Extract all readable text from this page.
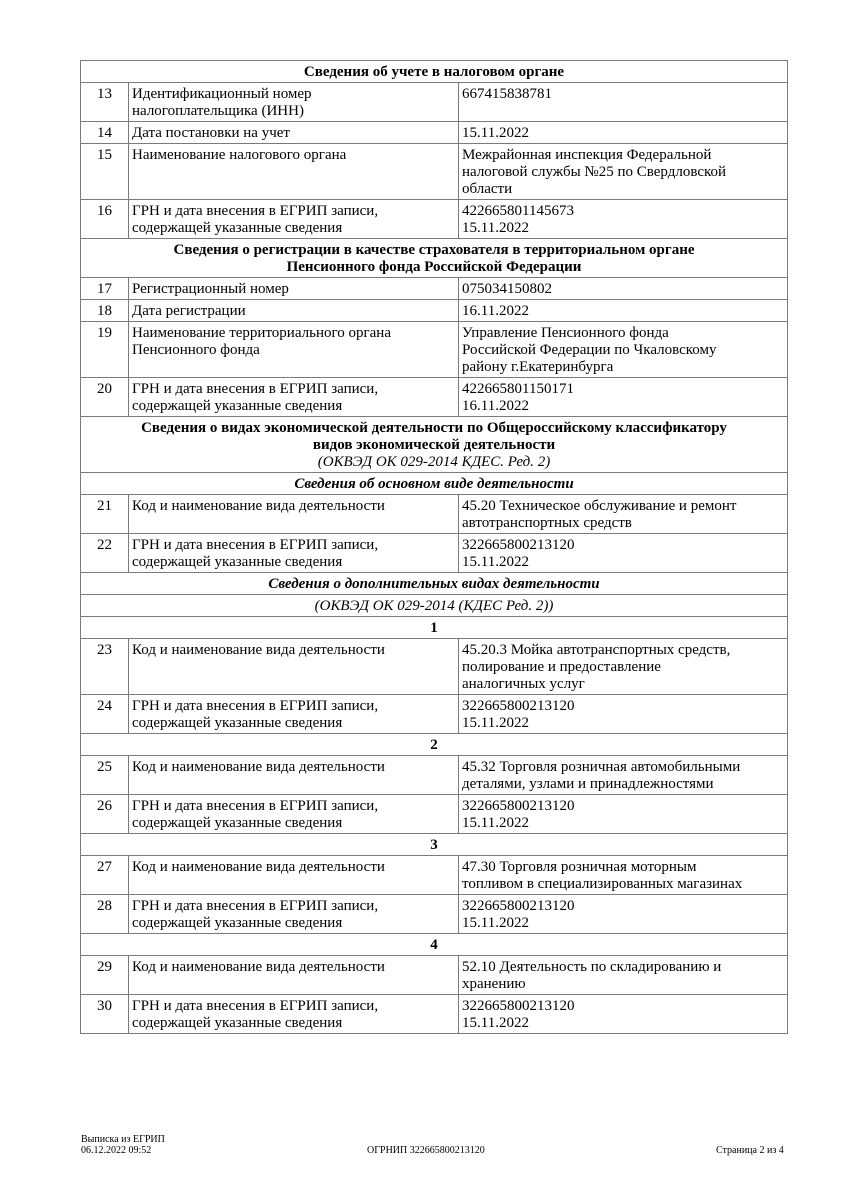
Сведения об учете в налоговом органе		
13	Идентификационный номер
налогоплательщика (ИНН)	667415838781

14	Дата постановки на учет	15.11.2022

15	Наименование налогового органа	Межрайонная инспекция Федеральной
налоговой службы №25 по Свердловской
области

16	ГРН и дата внесения в ЕГРИП записи,
содержащей указанные сведения	422665801145673
15.11.2022

Сведения о регистрации в качестве страхователя в территориальном органе
Пенсионного фонда Российской Федерации		

17	Регистрационный номер	075034150802

18	Дата регистрации	16.11.2022

19	Наименование территориального органа
Пенсионного фонда	Управление Пенсионного фонда
Российской Федерации по Чкаловскому
району г.Екатеринбурга

20	ГРН и дата внесения в ЕГРИП записи,
содержащей указанные сведения	422665801150171
16.11.2022

Сведения о видах экономической деятельности по Общероссийскому классификатору
видов экономической деятельности
(ОКВЭД ОК 029-2014 КДЕС. Ред. 2)		

Сведения об основном виде деятельности		
21	Код и наименование вида деятельности	45.20 Техническое обслуживание и ремонт
автотранспортных средств

22	ГРН и дата внесения в ЕГРИП записи,
содержащей указанные сведения	322665800213120
15.11.2022

Сведения о дополнительных видах деятельности		
(ОКВЭД ОК 029-2014 (КДЕС Ред. 2))		
1		
23	Код и наименование вида деятельности	45.20.3 Мойка автотранспортных средств,
полирование и предоставление
аналогичных услуг

24	ГРН и дата внесения в ЕГРИП записи,
содержащей указанные сведения	322665800213120
15.11.2022

2		
25	Код и наименование вида деятельности	45.32 Торговля розничная автомобильными
деталями, узлами и принадлежностями

26	ГРН и дата внесения в ЕГРИП записи,
содержащей указанные сведения	322665800213120
15.11.2022

3		
27	Код и наименование вида деятельности	47.30 Торговля розничная моторным
топливом в специализированных магазинах

28	ГРН и дата внесения в ЕГРИП записи,
содержащей указанные сведения	322665800213120
15.11.2022

4		
29	Код и наименование вида деятельности	52.10 Деятельность по складированию и
хранению

30	ГРН и дата внесения в ЕГРИП записи,
содержащей указанные сведения	322665800213120
15.11.2022
Выписка из ЕГРИП
06.12.2022 09:52	ОГРНИП 322665800213120	Страница 2 из 4
